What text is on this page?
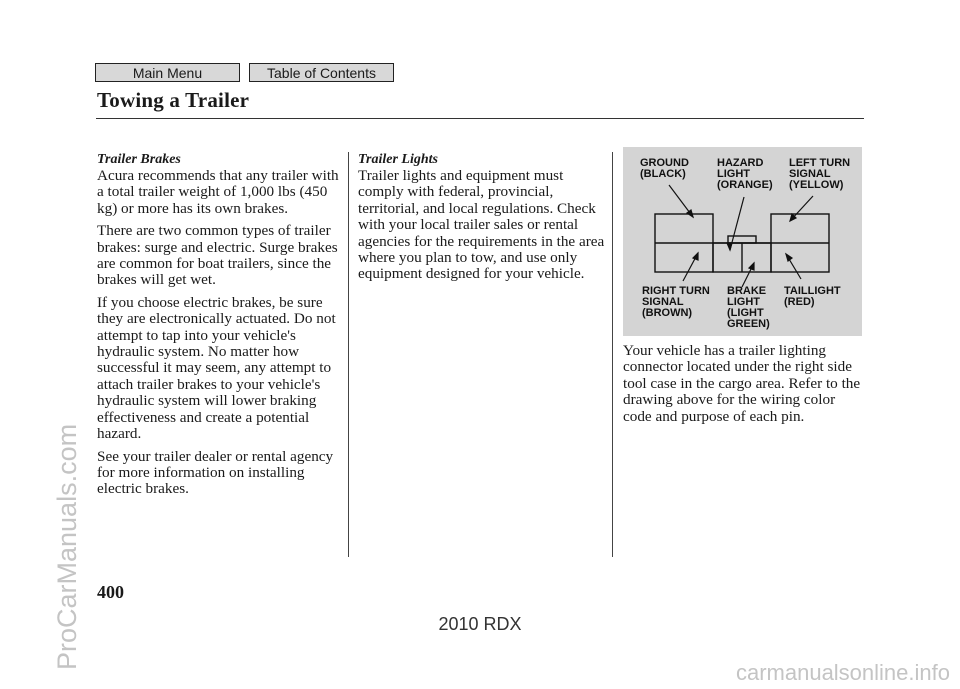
Main Menu	Table of Contents
Towing a Trailer
Trailer Brakes

Acura recommends that any trailer with a total trailer weight of 1,000 lbs (450 kg) or more has its own brakes.

There are two common types of trailer brakes: surge and electric. Surge brakes are common for boat trailers, since the brakes will get wet.

If you choose electric brakes, be sure they are electronically actuated. Do not attempt to tap into your vehicle's hydraulic system. No matter how successful it may seem, any attempt to attach trailer brakes to your vehicle's hydraulic system will lower braking effectiveness and create a potential hazard.

See your trailer dealer or rental agency for more information on installing electric brakes.

Trailer Lights

Trailer lights and equipment must comply with federal, provincial, territorial, and local regulations. Check with your local trailer sales or rental agencies for the requirements in the area where you plan to tow, and use only equipment designed for your vehicle.

GROUND
(BLACK)
HAZARD
LIGHT
(ORANGE)
LEFT TURN
SIGNAL
(YELLOW)
RIGHT TURN
SIGNAL
(BROWN)
BRAKE
LIGHT
(LIGHT
GREEN)
TAILLIGHT
(RED)

Your vehicle has a trailer lighting connector located under the right side tool case in the cargo area. Refer to the drawing above for the wiring color code and purpose of each pin.

400
2010 RDX
ProCarManuals.com
carmanualsonline.info
